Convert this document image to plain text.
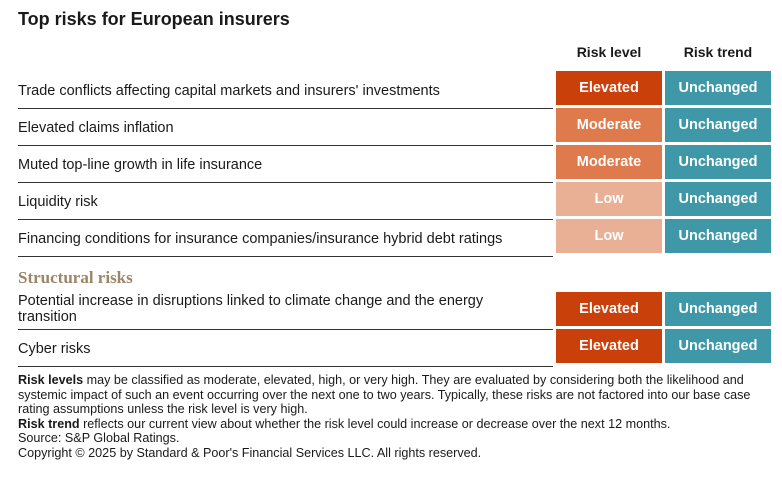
Top risks for European insurers
Risk level	Risk trend
Trade conflicts affecting capital markets and insurers' investments	Elevated	Unchanged
Elevated claims inflation	Moderate	Unchanged
Muted top-line growth in life insurance	Moderate	Unchanged
Liquidity risk	Low	Unchanged
Financing conditions for insurance companies/insurance hybrid debt ratings	Low	Unchanged
Structural risks
Potential increase in disruptions linked to climate change and the energy transition	Elevated	Unchanged
Cyber risks	Elevated	Unchanged
Risk levels may be classified as moderate, elevated, high, or very high. They are evaluated by considering both the likelihood and systemic impact of such an event occurring over the next one to two years. Typically, these risks are not factored into our base case rating assumptions unless the risk level is very high.
Risk trend reflects our current view about whether the risk level could increase or decrease over the next 12 months.
Source: S&P Global Ratings.
Copyright © 2025 by Standard & Poor's Financial Services LLC. All rights reserved.
